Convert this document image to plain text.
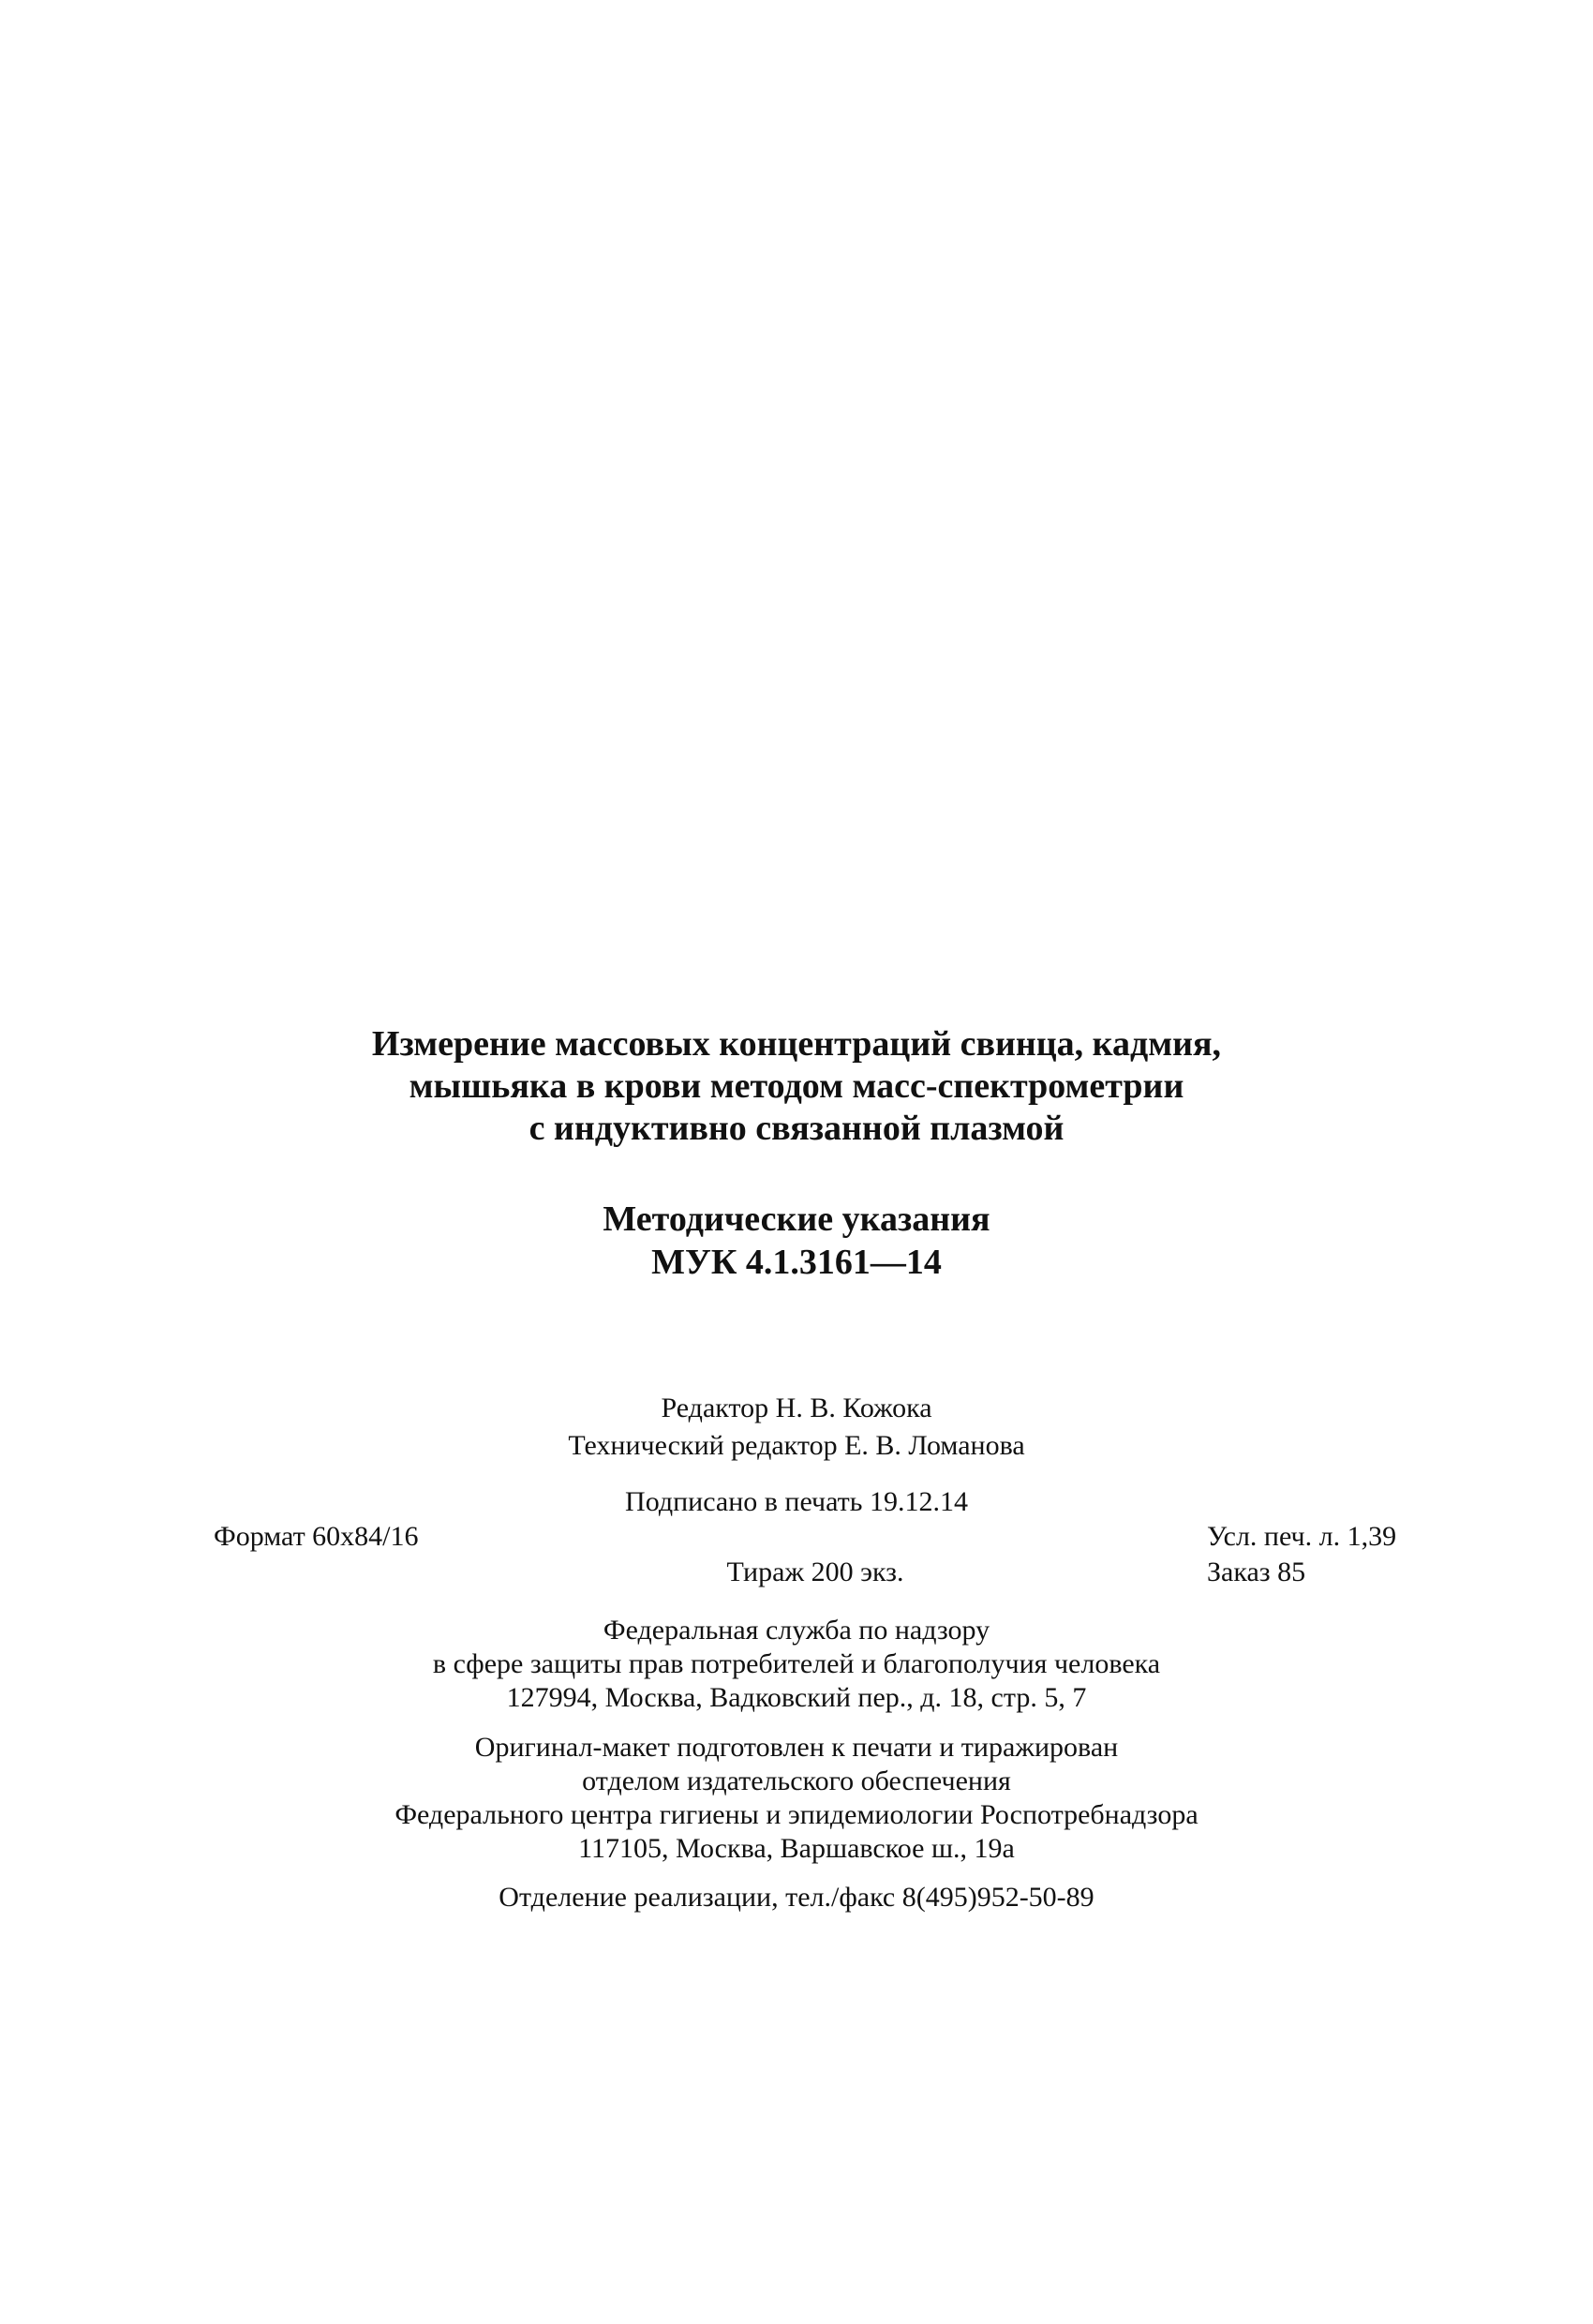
Измерение массовых концентраций свинца, кадмия,
мышьяка в крови методом масс-спектрометрии
с индуктивно связанной плазмой
Методические указания
МУК 4.1.3161—14
Редактор Н. В. Кожока
Технический редактор Е. В. Ломанова
Подписано в печать 19.12.14
Формат 60x84/16	Усл. печ. л. 1,39
Тираж 200 экз.	Заказ 85
Федеральная служба по надзору
в сфере защиты прав потребителей и благополучия человека
127994, Москва, Вадковский пер., д. 18, стр. 5, 7
Оригинал-макет подготовлен к печати и тиражирован
отделом издательского обеспечения
Федерального центра гигиены и эпидемиологии Роспотребнадзора
117105, Москва, Варшавское ш., 19а
Отделение реализации, тел./факс 8(495)952-50-89
